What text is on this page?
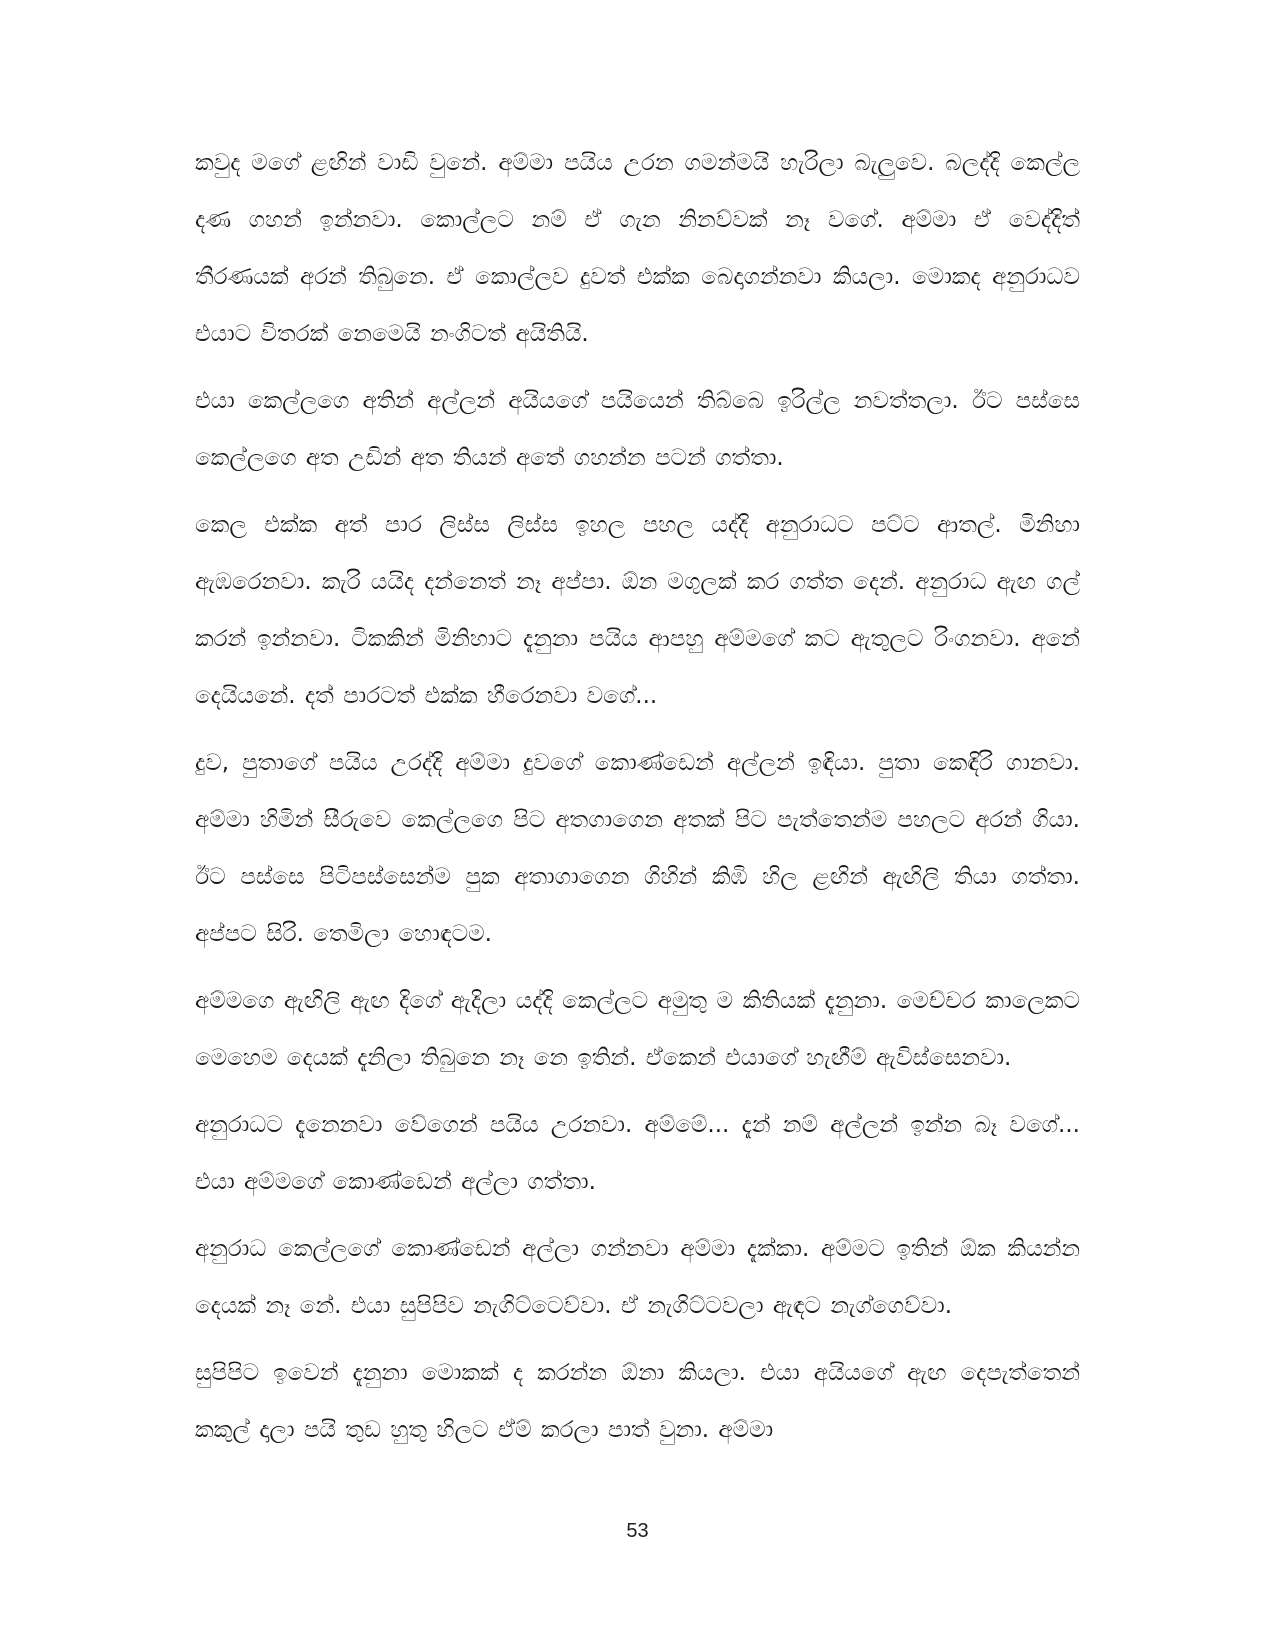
කවුද මගේ ළඟින් වාඩි වුනේ. අම්මා පයිය උරන ගමන්මයි හැරිලා බැලුවෙ. බලද්දි කෙල්ල දණ ගහන් ඉන්නවා. කොල්ලට නම් ඒ ගැන නිනව්වක් නෑ වගේ. අම්මා ඒ වෙද්දිත් තීරණයක් අරන් තිබුනෙ. ඒ කොල්ලව දුවත් එක්ක බෙදාගන්නවා කියලා. මොකද අනුරාධව එයාට විතරක් නෙමෙයි නංගිටත් අයිතියි.

එයා කෙල්ලගෙ අතින් අල්ලන් අයියගේ පයියෙන් තිබ්බෙ ඉරිල්ල නවත්තලා. ඊට පස්සෙ කෙල්ලගෙ අත උඩින් අත තියන් අතේ ගහන්න පටන් ගත්තා.

කෙල එක්ක අත් පාර ලිස්ස ලිස්ස ඉහල පහල යද්දි අනුරාධට පට්ට ආතල්. මිනිහා ඇඹරෙනවා. කැරි යයිද දන්නෙත් නෑ අප්පා. ඕන මගුලක් කර ගත්ත දෙන්. අනුරාධ ඇඟ ගල් කරන් ඉන්නවා. ටිකකින් මිනිහාට දැනුනා පයිය ආපහු අම්මගේ කට ඇතුලට රිංගනවා. අනේ දෙයියනේ. දත් පාරටත් එක්ක හීරෙනවා වගේ...

දුව, පුතාගේ පයිය උරද්දි අම්මා දුවගේ කොණ්ඩෙන් අල්ලන් ඉඳියා. පුතා කෙඳිරි ගානවා. අම්මා හිමින් සීරුවෙ කෙල්ලගෙ පිට අතගාගෙන අතක් පිට පැත්තෙන්ම පහලට අරන් ගියා. ඊට පස්සෙ පිටිපස්සෙන්ම පුක අතාගාගෙන ගිහින් කිඹි හිල ළඟින් ඇඟිලි තියා ගත්තා. අප්පට සිරි. තෙමිලා හොඳටම.

අම්මගෙ ඇඟිලි ඇඟ දිගේ ඇදිලා යද්දි කෙල්ලට අමුතු ම කිතියක් දැනුනා. මෙච්චර කාලෙකට මෙහෙම දෙයක් දැනිලා තිබුනෙ නෑ නෙ ඉතින්. ඒකෙන් එයාගේ හැඟීම් ඇවිස්සෙනවා.

අනුරාධට දැනෙනවා වේගෙන් පයිය උරනවා. අම්මේ... දැන් නම් අල්ලන් ඉන්න බෑ වගේ... එයා අම්මගේ කොණ්ඩෙන් අල්ලා ගත්තා.

අනුරාධ කෙල්ලගේ කොණ්ඩෙන් අල්ලා ගන්නවා අම්මා දැක්කා. අම්මට ඉතින් ඕක කියන්න දෙයක් නෑ නේ. එයා සුපිපිව නැගිට්ටෙව්වා. ඒ නැගිට්ටවලා ඇඳට නැග්ගෙව්වා.

සුපිපිට ඉවෙන් දැනුනා මොකක් ද කරන්න ඕනා කියලා. එයා අයියගේ ඇඟ දෙපැත්තෙන් කකුල් දාලා පයි තුඩ හුතු හිලට ඒම් කරලා පාත් වුනා. අම්මා

53
